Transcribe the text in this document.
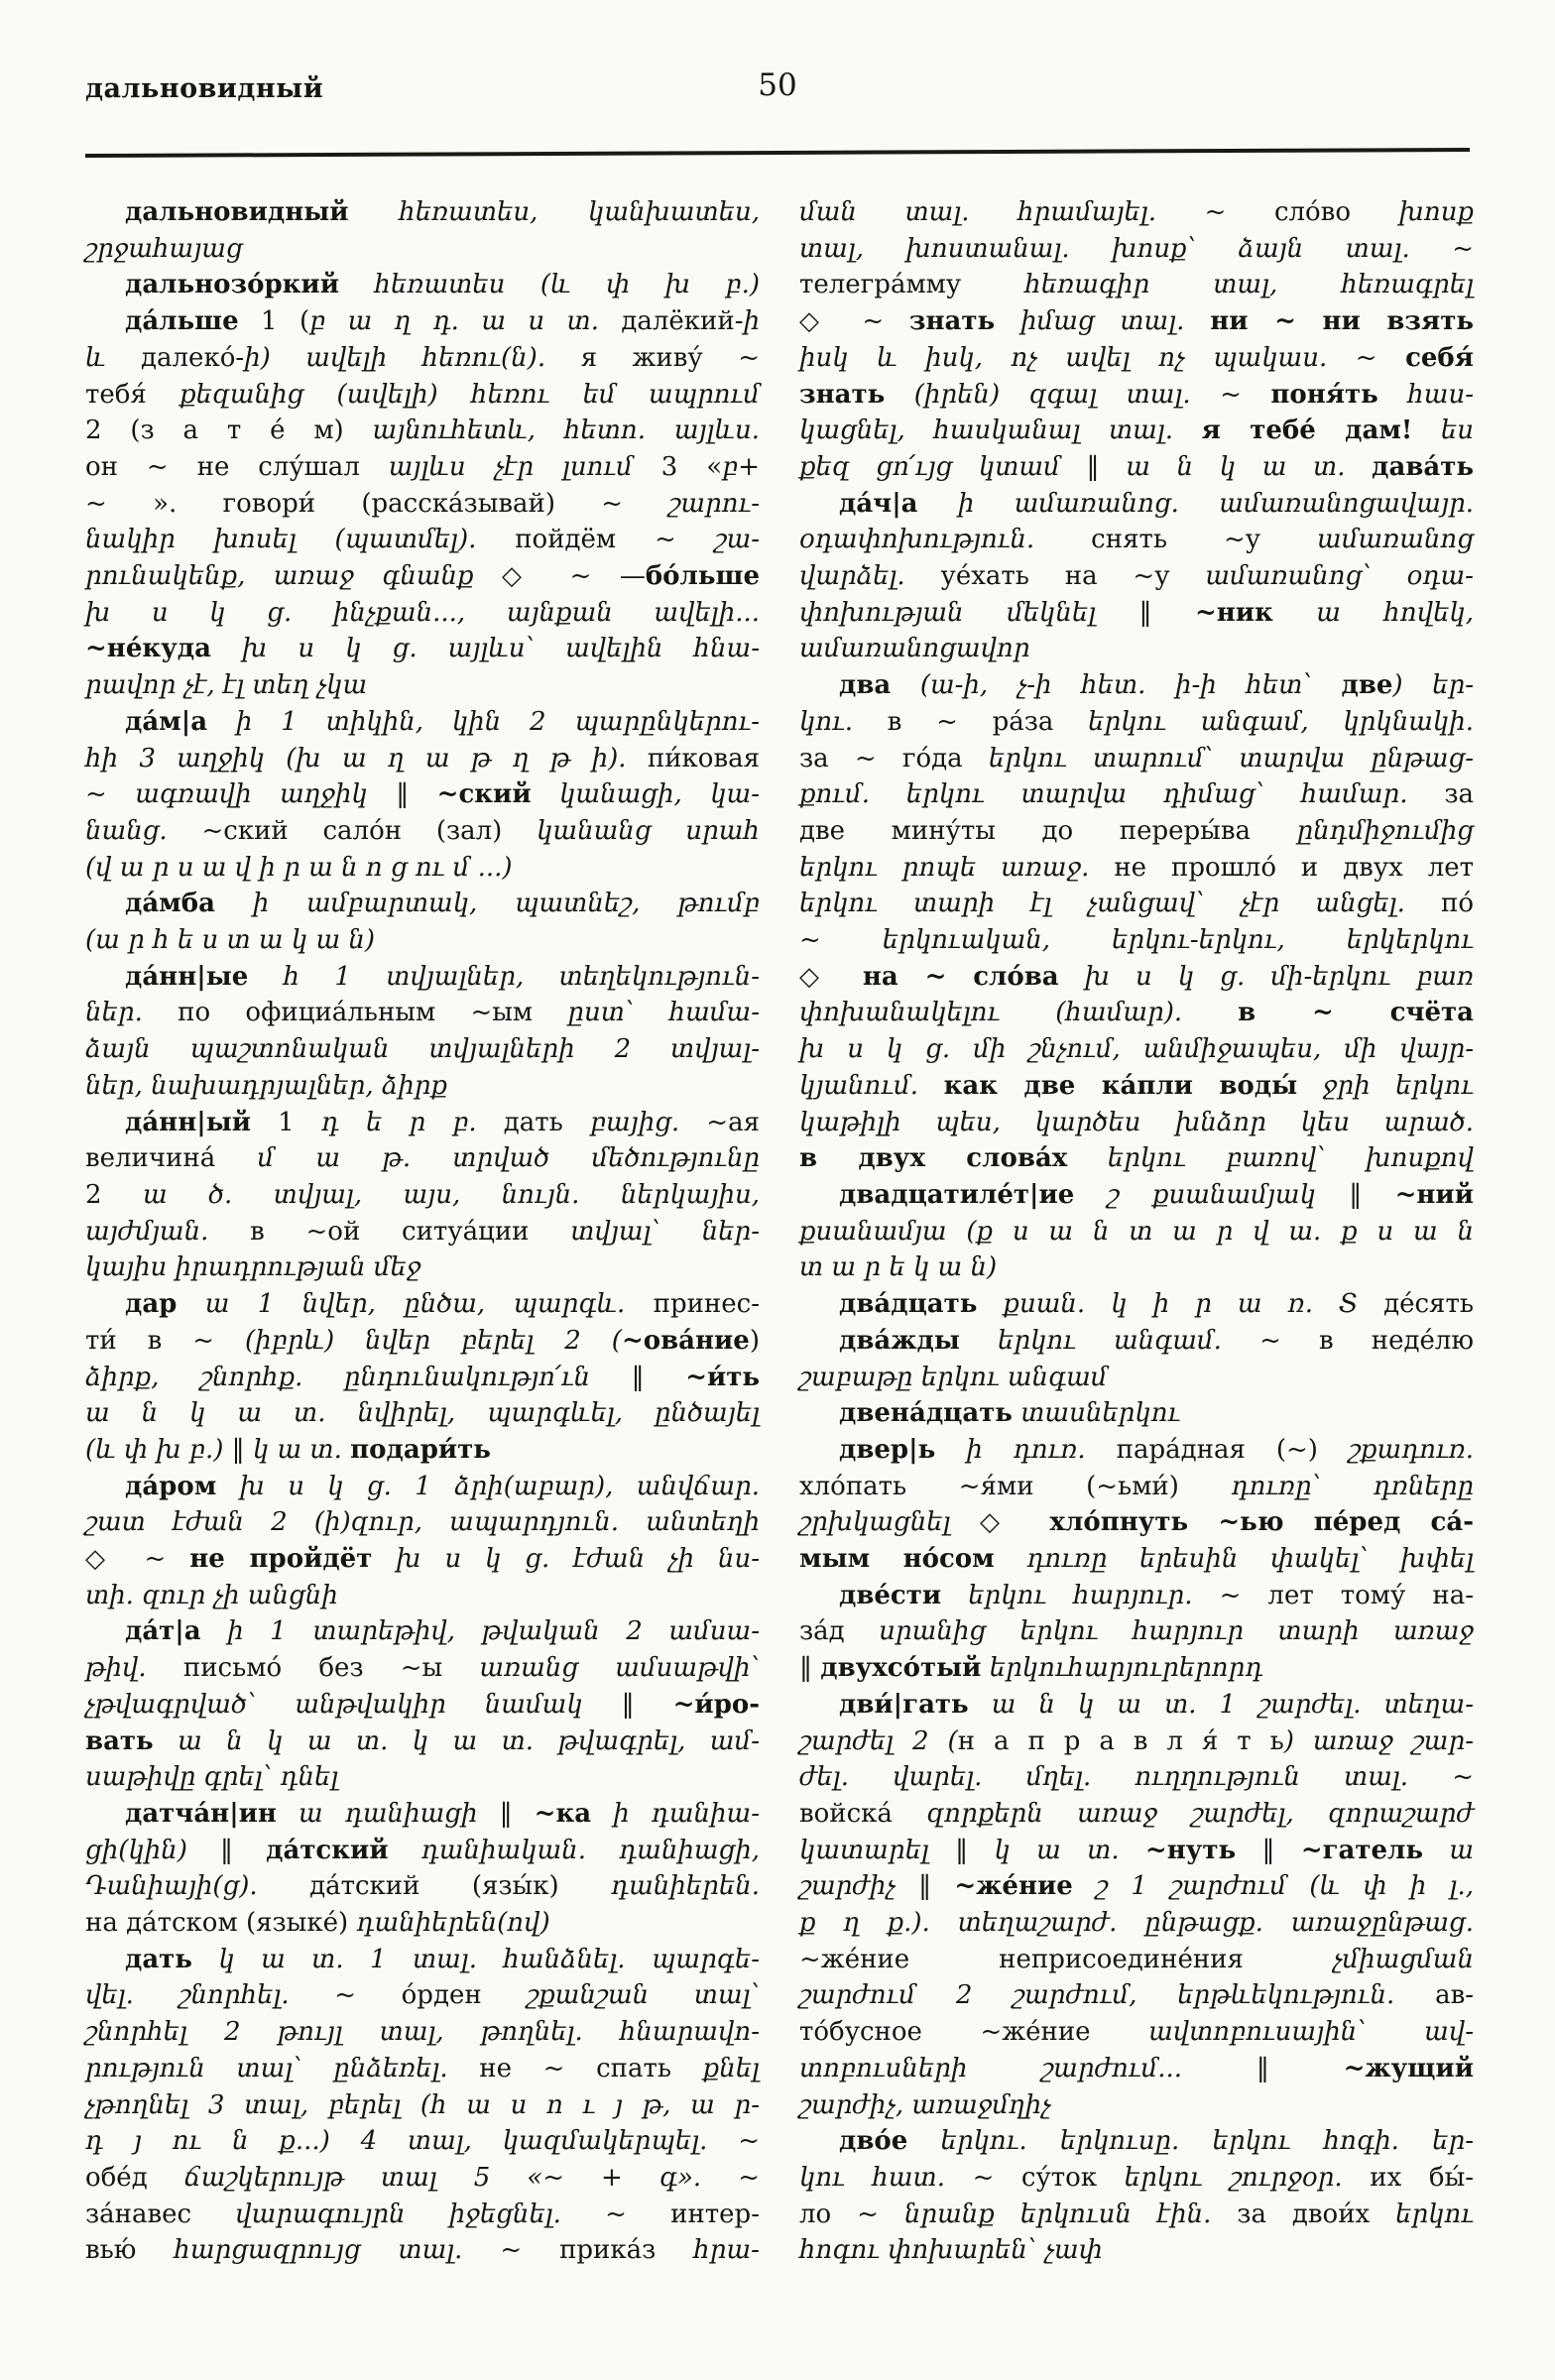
дальновидный	50
дальновидный հեռատես, կանխատես,
շրջահայաց
дальнозо́ркий հեռատես (և փ խ բ.)
да́льше 1 (բ ա ղ դ. ա ս տ. далёкий-ի
և далеко́-ի) ավելի հեռու(ն). я живу́ ~
тебя́ քեզանից (ավելի) հեռու եմ ապրում
2 (з а т е́ м) այնուհետև, հետո. այլևս.
он ~ не слу́шал այլևս չէր լսում 3 «բ+
~ ». говори́ (расска́зывай) ~ շարու-
նակիր խոսել (պատմել). пойдём ~ շա-
րունակենք, առաջ գնանք ◇ ~ —бо́льше
խ ս կ ց. ինչքան..., այնքան ավելի...
~не́куда խ ս կ ց. այլևս՝ ավելին հնա-
րավոր չէ, էլ տեղ չկա
да́м|а ի 1 տիկին, կին 2 պարընկերու-
հի 3 աղջիկ (խ ա ղ ա թ ղ թ ի). пи́ковая
~ ագռավի աղջիկ ‖ ~ский կանացի, կա-
նանց. ~ский сало́н (зал) կանանց սրահ
(վ ա ր ս ա վ ի ր ա ն ո ց ու մ ...)
да́мба ի ամբարտակ, պատնեշ, թումբ
(ա ր հ ե ս տ ա կ ա ն)
да́нн|ые հ 1 տվյալներ, տեղեկություն-
ներ. по официа́льным ~ым ըստ՝ համա-
ձայն պաշտոնական տվյալների 2 տվյալ-
ներ, նախադրյալներ, ձիրք
да́нн|ый 1 դ ե ր բ. дать բայից. ~ая
величина́ մ ա թ. տրված մեծությունը
2 ա ծ. տվյալ, այս, նույն. ներկայիս,
այժմյան. в ~ой ситуа́ции տվյալ՝ ներ-
կայիս իրադրության մեջ
дар ա 1 նվեր, ընծա, պարգև. принес-
ти́ в ~ (իբրև) նվեր բերել 2 (~ова́ние)
ձիրք, շնորհք. ընդունակությո՛ւն ‖ ~и́ть
ա ն կ ա տ. նվիրել, պարգևել, ընծայել
(և փ խ բ.) ‖ կ ա տ. подари́ть
да́ром խ ս կ ց. 1 ձրի(աբար), անվճար.
շատ էժան 2 (ի)զուր, ապարդյուն. անտեղի
◇ ~ не пройдёт խ ս կ ց. էժան չի նս-
տի. զուր չի անցնի
да́т|а ի 1 տարեթիվ, թվական 2 ամսա-
թիվ. письмо́ без ~ы առանց ամսաթվի՝
չթվագրված՝ անթվակիր նամակ ‖ ~и́ро-
вать ա ն կ ա տ. կ ա տ. թվագրել, ամ-
սաթիվը գրել՝ դնել
датча́н|ин ա դանիացի ‖ ~ка ի դանիա-
ցի(կին) ‖ да́тский դանիական. դանիացի,
Դանիայի(ց). да́тский (язы́к) դանիերեն.
на да́тском (языке́) դանիերեն(ով)
дать կ ա տ. 1 տալ. հանձնել. պարգե-
վել. շնորհել. ~ о́рден շքանշան տալ՝
շնորհել 2 թույլ տալ, թողնել. հնարավո-
րություն տալ՝ ընձեռել. не ~ спать քնել
չթողնել 3 տալ, բերել (հ ա ս ո ւ յ թ, ա ր-
դ յ ու ն ք...) 4 տալ, կազմակերպել. ~
обе́д ճաշկերույթ տալ 5 «~ + գ». ~
за́навес վարագույրն իջեցնել. ~ интер-
вью́ հարցազրույց տալ. ~ прика́з հրա-
ման տալ. հրամայել. ~ сло́во խոսք
տալ, խոստանալ. խոսք՝ ձայն տալ. ~
телегра́мму հեռագիր տալ, հեռագրել
◇ ~ знать իմաց տալ. ни ~ ни взять
իսկ և իսկ, ոչ ավել ոչ պակաս. ~ себя́
знать (իրեն) զգալ տալ. ~ поня́ть հաս-
կացնել, հասկանալ տալ. я тебе́ дам! ես
քեզ ցո՛ւյց կտամ ‖ ա ն կ ա տ. дава́ть
да́ч|а ի ամառանոց. ամառանոցավայր.
օդափոխություն. снять ~у ամառանոց
վարձել. уе́хать на ~у ամառանոց՝ օդա-
փոխության մեկնել ‖ ~ник ա հովեկ,
ամառանոցավոր
два (ա-ի, չ-ի հետ. ի-ի հետ՝ две) եր-
կու. в ~ ра́за երկու անգամ, կրկնակի.
за ~ го́да երկու տարում՝ տարվա ընթաց-
քում. երկու տարվա դիմաց՝ համար. за
две мину́ты до переры́ва ընդմիջումից
երկու րոպե առաջ. не прошло́ и двух лет
երկու տարի էլ չանցավ՝ չէր անցել. по́
~ երկուական, երկու-երկու, երկերկու
◇ на ~ сло́ва խ ս կ ց. մի-երկու բառ
փոխանակելու (համար). в ~ счёта
խ ս կ ց. մի շնչում, անմիջապես, մի վայր-
կյանում. как две ка́пли воды́ ջրի երկու
կաթիլի պես, կարծես խնձոր կես արած.
в двух слова́х երկու բառով՝ խոսքով
двадцатиле́т|ие շ քսանամյակ ‖ ~ний
քսանամյա (ք ս ա ն տ ա ր վ ա. ք ս ա ն
տ ա ր ե կ ա ն)
два́дцать քսան. կ ի ր ա ռ. Տ де́сять
два́жды երկու անգամ. ~ в неде́лю
շաբաթը երկու անգամ
двена́дцать տասներկու
двер|ь ի դուռ. пара́дная (~) շքադուռ.
хло́пать ~я́ми (~ьми́) դուռը՝ դռները
շրխկացնել ◇ хло́пнуть ~ью пе́ред са́-
мым но́сом դուռը երեսին փակել՝ խփել
две́сти երկու հարյուր. ~ лет тому́ на-
за́д սրանից երկու հարյուր տարի առաջ
‖ двухсо́тый երկուհարյուրերորդ
дви́|гать ա ն կ ա տ. 1 շարժել. տեղա-
շարժել 2 (н а п р а в л я́ т ь) առաջ շար-
ժել. վարել. մղել. ուղղություն տալ. ~
войска́ զորքերն առաջ շարժել, զորաշարժ
կատարել ‖ կ ա տ. ~нуть ‖ ~гатель ա
շարժիչ ‖ ~же́ние շ 1 շարժում (և փ ի լ.,
ք ղ ք.). տեղաշարժ. ընթացք. առաջընթաց.
~же́ние неприсоедине́ния չմիացման
շարժում 2 շարժում, երթևեկություն. ав-
то́бусное ~же́ние ավտոբուսային՝ ավ-
տոբուսների շարժում... ‖ ~жущий
շարժիչ, առաջմղիչ
дво́е երկու. երկուսը. երկու հոգի. եր-
կու հատ. ~ су́ток երկու շուրջօր. их бы́-
ло ~ նրանք երկուսն էին. за двои́х երկու
հոգու փոխարեն՝ չափ
